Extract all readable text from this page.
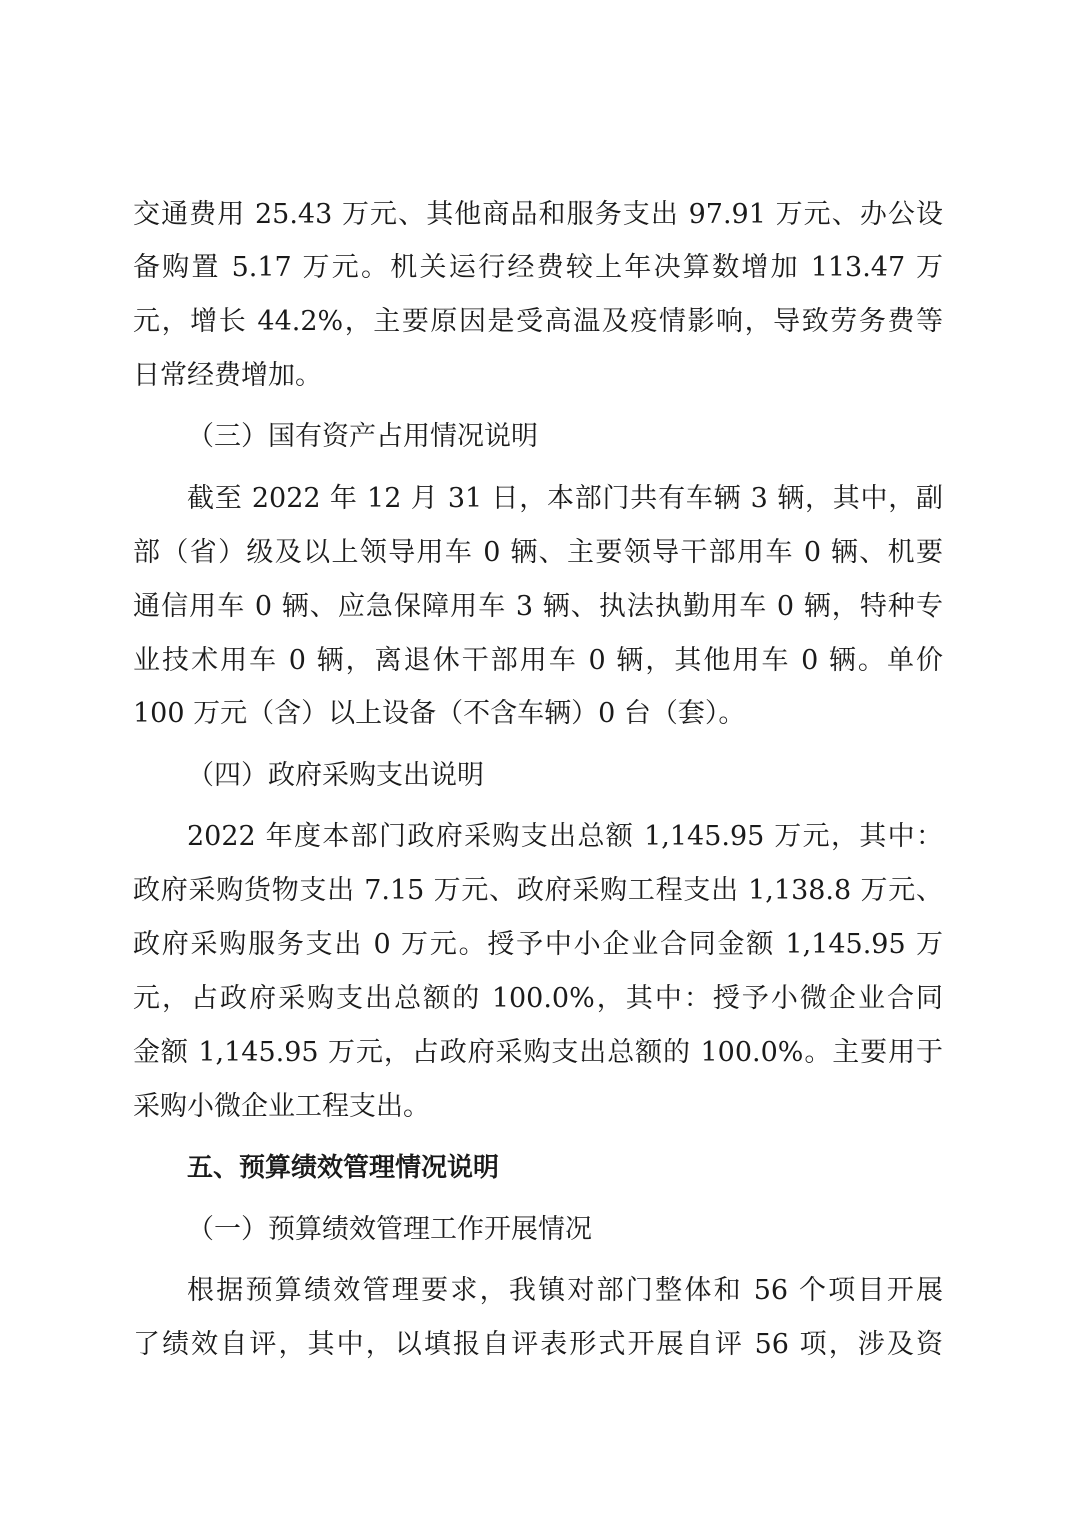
交通费用 25.43 万元、其他商品和服务支出 97.91 万元、办公设
备购置 5.17 万元。机关运行经费较上年决算数增加 113.47 万
元，增长 44.2%，主要原因是受高温及疫情影响，导致劳务费等
日常经费增加。
（三）国有资产占用情况说明
截至 2022 年 12 月 31 日，本部门共有车辆 3 辆，其中，副
部（省）级及以上领导用车 0 辆、主要领导干部用车 0 辆、机要
通信用车 0 辆、应急保障用车 3 辆、执法执勤用车 0 辆，特种专
业技术用车 0 辆，离退休干部用车 0 辆，其他用车 0 辆。单价
100 万元（含）以上设备（不含车辆）0 台（套）。
（四）政府采购支出说明
2022 年度本部门政府采购支出总额 1,145.95 万元，其中：
政府采购货物支出 7.15 万元、政府采购工程支出 1,138.8 万元、
政府采购服务支出 0 万元。授予中小企业合同金额 1,145.95 万
元，占政府采购支出总额的 100.0%，其中：授予小微企业合同
金额 1,145.95 万元，占政府采购支出总额的 100.0%。主要用于
采购小微企业工程支出。
五、预算绩效管理情况说明
（一）预算绩效管理工作开展情况
根据预算绩效管理要求，我镇对部门整体和 56 个项目开展
了绩效自评，其中，以填报自评表形式开展自评 56 项，涉及资
